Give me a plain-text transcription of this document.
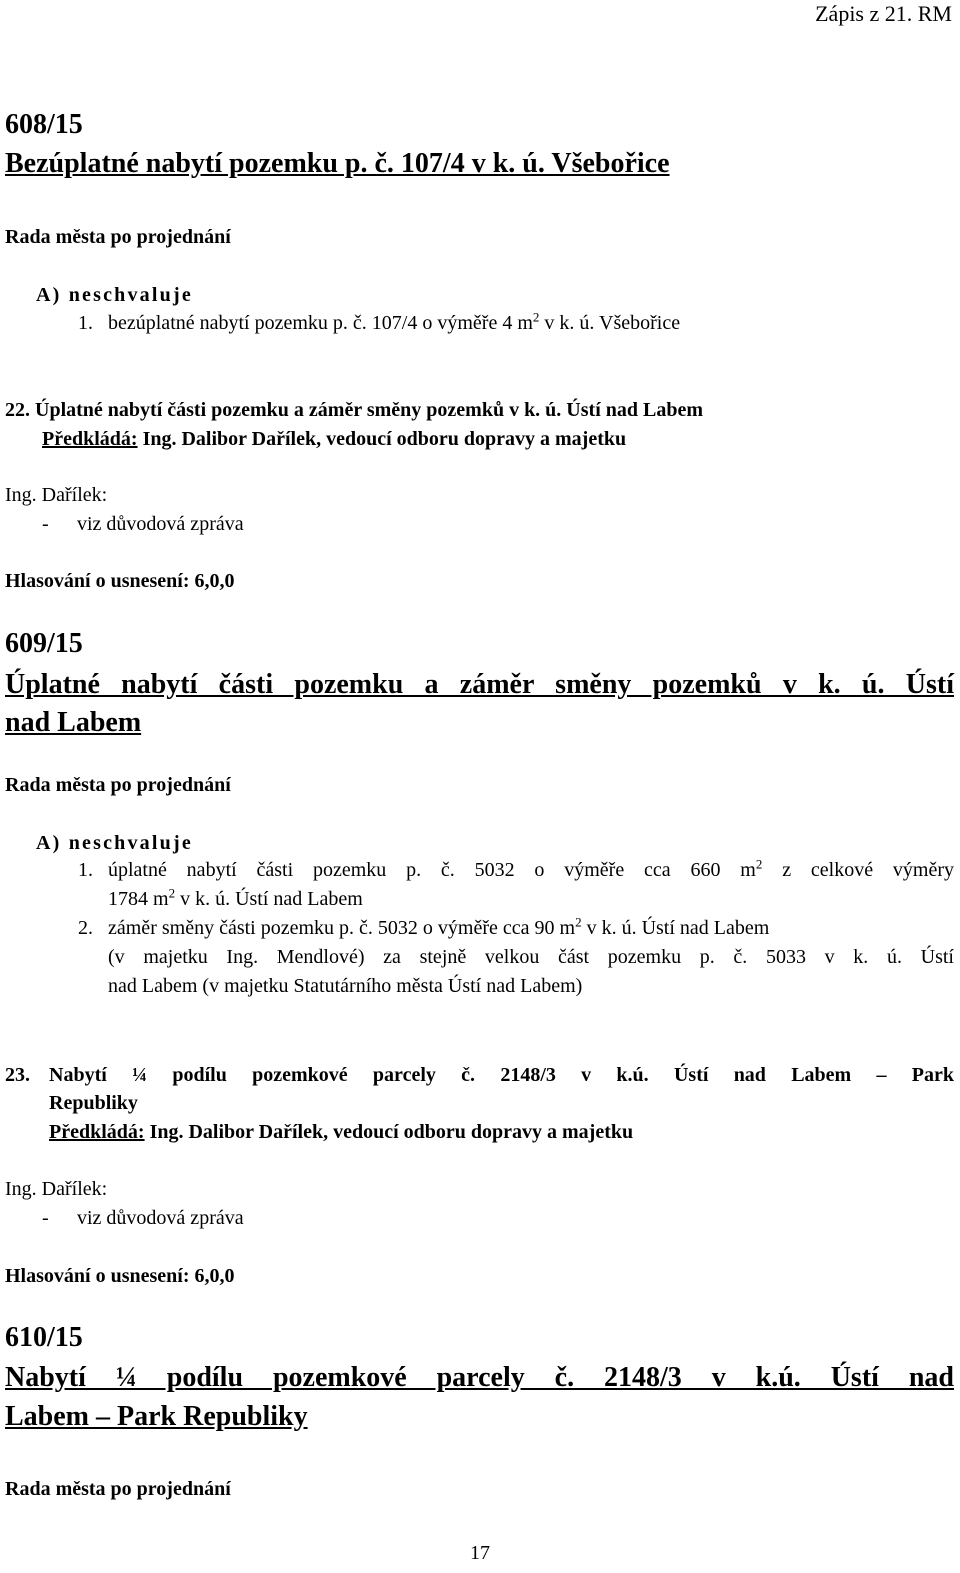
Zápis z 21. RM
608/15
Bezúplatné nabytí pozemku p. č. 107/4 v k. ú. Všebořice
Rada města po projednání
A) neschvaluje
1. bezúplatné nabytí pozemku p. č. 107/4 o výměře 4 $m^2$ v k. ú. Všebořice
22. Úplatné nabytí části pozemku a záměr směny pozemků v k. ú. Ústí nad Labem
Předkládá: Ing. Dalibor Dařílek, vedoucí odboru dopravy a majetku
Ing. Dařílek:
- viz důvodová zpráva
Hlasování o usnesení: 6,0,0
609/15
Úplatné nabytí části pozemku a záměr směny pozemků v k. ú. Ústí
nad Labem
Rada města po projednání
A) neschvaluje
1. úplatné nabytí části pozemku p. č. 5032 o výměře cca 660 $m^2$ z celkové výměry
1784 $m^2$ v k. ú. Ústí nad Labem
2. záměr směny části pozemku p. č. 5032 o výměře cca 90 $m^2$ v k. ú. Ústí nad Labem
(v majetku Ing. Mendlové) za stejně velkou část pozemku p. č. 5033 v k. ú. Ústí
nad Labem (v majetku Statutárního města Ústí nad Labem)
23. Nabytí ¼ podílu pozemkové parcely č. 2148/3 v k.ú. Ústí nad Labem – Park
Republiky
Předkládá: Ing. Dalibor Dařílek, vedoucí odboru dopravy a majetku
Ing. Dařílek:
- viz důvodová zpráva
Hlasování o usnesení: 6,0,0
610/15
Nabytí ¼ podílu pozemkové parcely č. 2148/3 v k.ú. Ústí nad
Labem – Park Republiky
Rada města po projednání
17
